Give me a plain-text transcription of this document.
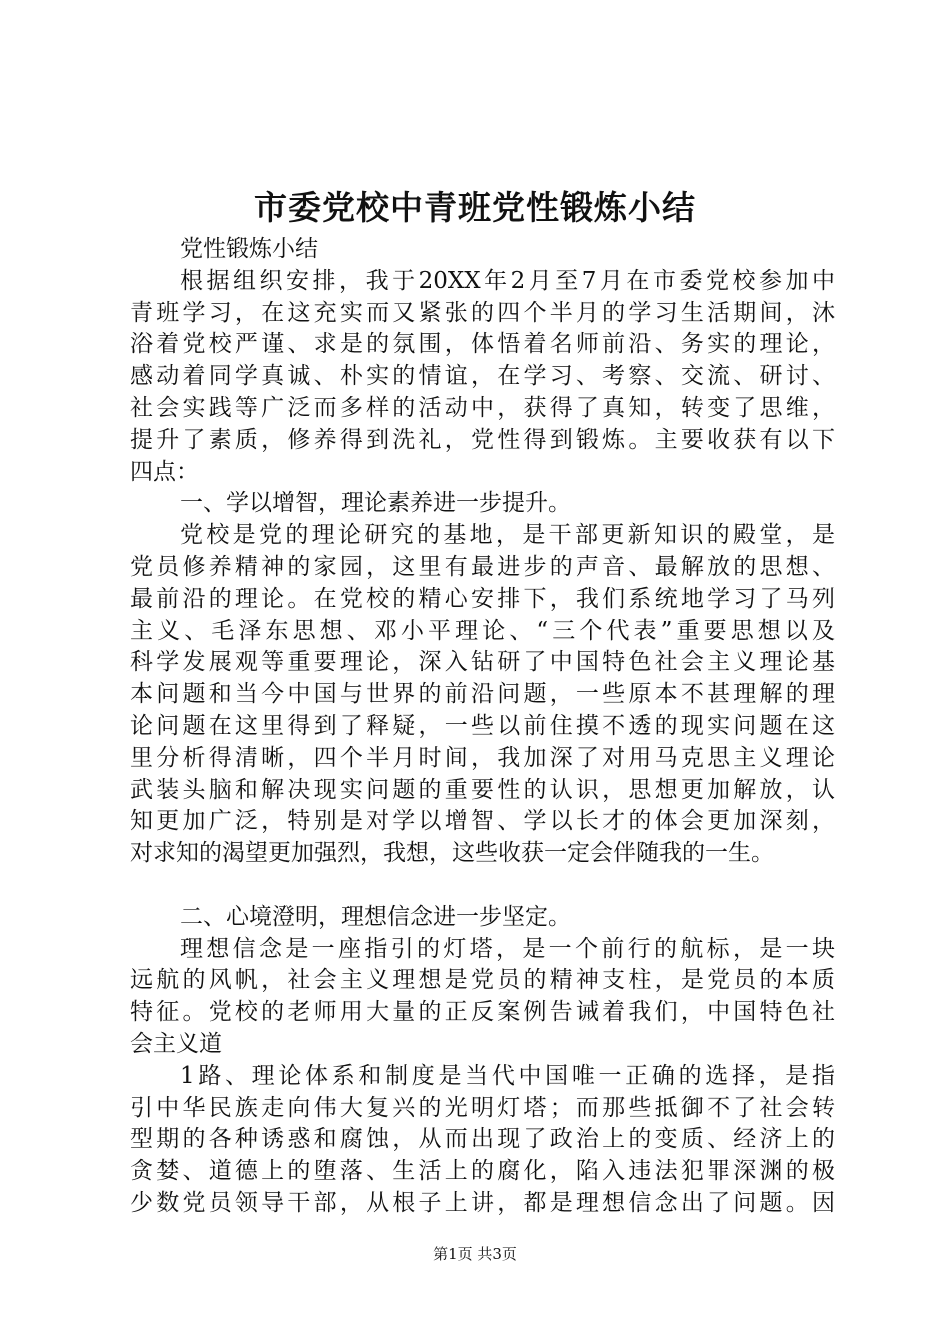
市委党校中青班党性锻炼小结
党性锻炼小结
根据组织安排，我于20XX年2月至7月在市委党校参加中
青班学习，在这充实而又紧张的四个半月的学习生活期间，沐
浴着党校严谨、求是的氛围，体悟着名师前沿、务实的理论，
感动着同学真诚、朴实的情谊，在学习、考察、交流、研讨、
社会实践等广泛而多样的活动中，获得了真知，转变了思维，
提升了素质，修养得到洗礼，党性得到锻炼。主要收获有以下
四点：
一、学以增智，理论素养进一步提升。
党校是党的理论研究的基地，是干部更新知识的殿堂，是
党员修养精神的家园，这里有最进步的声音、最解放的思想、
最前沿的理论。在党校的精心安排下，我们系统地学习了马列
主义、毛泽东思想、邓小平理论、“三个代表”重要思想以及
科学发展观等重要理论，深入钻研了中国特色社会主义理论基
本问题和当今中国与世界的前沿问题，一些原本不甚理解的理
论问题在这里得到了释疑，一些以前住摸不透的现实问题在这
里分析得清晰，四个半月时间，我加深了对用马克思主义理论
武装头脑和解决现实问题的重要性的认识，思想更加解放，认
知更加广泛，特别是对学以增智、学以长才的体会更加深刻，
对求知的渴望更加强烈，我想，这些收获一定会伴随我的一生。
二、心境澄明，理想信念进一步坚定。
理想信念是一座指引的灯塔，是一个前行的航标，是一块
远航的风帆，社会主义理想是党员的精神支柱，是党员的本质
特征。党校的老师用大量的正反案例告诫着我们，中国特色社
会主义道
1路、理论体系和制度是当代中国唯一正确的选择，是指
引中华民族走向伟大复兴的光明灯塔；而那些抵御不了社会转
型期的各种诱惑和腐蚀，从而出现了政治上的变质、经济上的
贪婪、道德上的堕落、生活上的腐化，陷入违法犯罪深渊的极
少数党员领导干部，从根子上讲，都是理想信念出了问题。因
第1页 共3页
